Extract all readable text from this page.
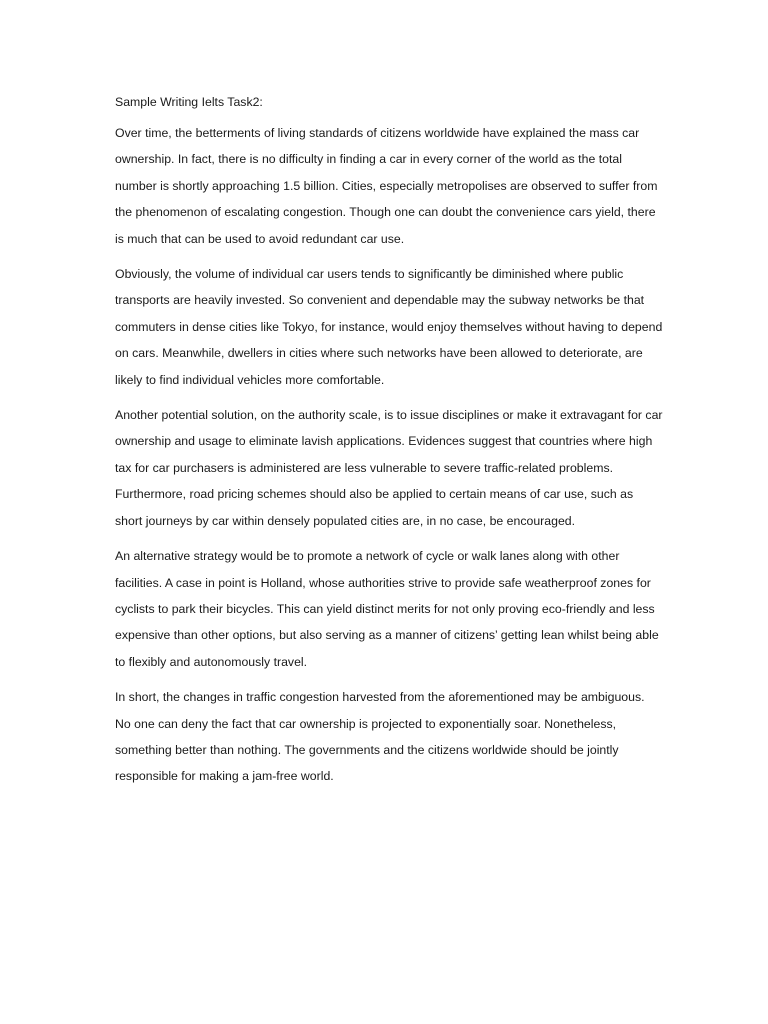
Sample Writing Ielts Task2:

Over time, the betterments of living standards of citizens worldwide have explained the mass car ownership. In fact, there is no difficulty in finding a car in every corner of the world as the total number is shortly approaching 1.5 billion. Cities, especially metropolises are observed to suffer from the phenomenon of escalating congestion. Though one can doubt the convenience cars yield, there is much that can be used to avoid redundant car use.

Obviously, the volume of individual car users tends to significantly be diminished where public transports are heavily invested. So convenient and dependable may the subway networks be that commuters in dense cities like Tokyo, for instance, would enjoy themselves without having to depend on cars. Meanwhile, dwellers in cities where such networks have been allowed to deteriorate, are likely to find individual vehicles more comfortable.

Another potential solution, on the authority scale, is to issue disciplines or make it extravagant for car ownership and usage to eliminate lavish applications. Evidences suggest that countries where high tax for car purchasers is administered are less vulnerable to severe traffic-related problems. Furthermore, road pricing schemes should also be applied to certain means of car use, such as short journeys by car within densely populated cities are, in no case, be encouraged.

An alternative strategy would be to promote a network of cycle or walk lanes along with other facilities. A case in point is Holland, whose authorities strive to provide safe weatherproof zones for cyclists to park their bicycles. This can yield distinct merits for not only proving eco-friendly and less expensive than other options, but also serving as a manner of citizens’ getting lean whilst being able to flexibly and autonomously travel.

In short, the changes in traffic congestion harvested from the aforementioned may be ambiguous. No one can deny the fact that car ownership is projected to exponentially soar. Nonetheless, something better than nothing. The governments and the citizens worldwide should be jointly responsible for making a jam-free world.
